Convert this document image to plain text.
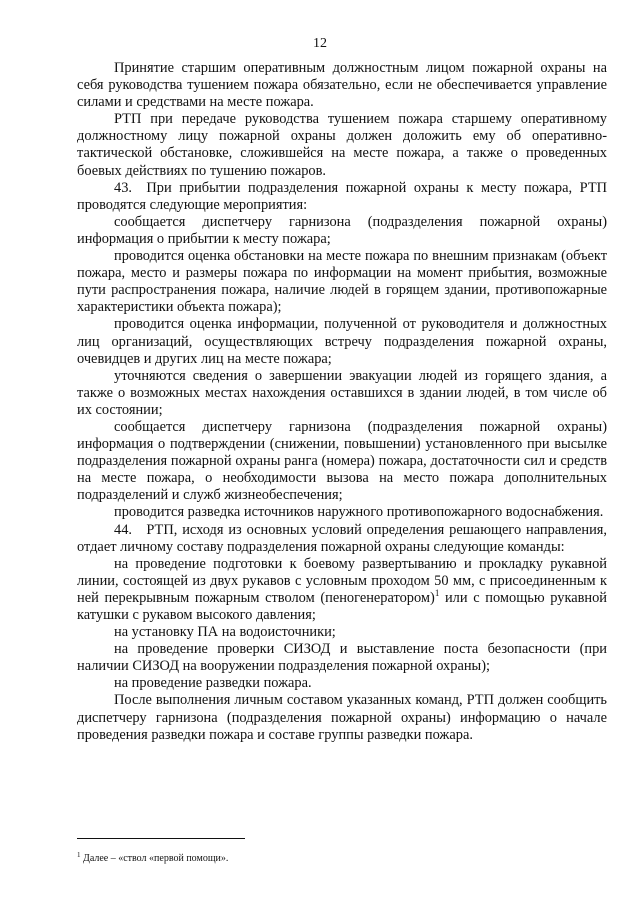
12

Принятие старшим оперативным должностным лицом пожарной охраны на себя руководства тушением пожара обязательно, если не обеспечивается управление силами и средствами на месте пожара.

РТП при передаче руководства тушением пожара старшему оперативному должностному лицу пожарной охраны должен доложить ему об оперативно-тактической обстановке, сложившейся на месте пожара, а также о проведенных боевых действиях по тушению пожаров.

43. При прибытии подразделения пожарной охраны к месту пожара, РТП проводятся следующие мероприятия:

сообщается диспетчеру гарнизона (подразделения пожарной охраны) информация о прибытии к месту пожара;

проводится оценка обстановки на месте пожара по внешним признакам (объект пожара, место и размеры пожара по информации на момент прибытия, возможные пути распространения пожара, наличие людей в горящем здании, противопожарные характеристики объекта пожара);

проводится оценка информации, полученной от руководителя и должностных лиц организаций, осуществляющих встречу подразделения пожарной охраны, очевидцев и других лиц на месте пожара;

уточняются сведения о завершении эвакуации людей из горящего здания, а также о возможных местах нахождения оставшихся в здании людей, в том числе об их состоянии;

сообщается диспетчеру гарнизона (подразделения пожарной охраны) информация о подтверждении (снижении, повышении) установленного при высылке подразделения пожарной охраны ранга (номера) пожара, достаточности сил и средств на месте пожара, о необходимости вызова на место пожара дополнительных подразделений и служб жизнеобеспечения;

проводится разведка источников наружного противопожарного водоснабжения.

44. РТП, исходя из основных условий определения решающего направления, отдает личному составу подразделения пожарной охраны следующие команды:

на проведение подготовки к боевому развертыванию и прокладку рукавной линии, состоящей из двух рукавов с условным проходом 50 мм, с присоединенным к ней перекрывным пожарным стволом (пеногенератором)$^1$ или с помощью рукавной катушки с рукавом высокого давления;

на установку ПА на водоисточники;

на проведение проверки СИЗОД и выставление поста безопасности (при наличии СИЗОД на вооружении подразделения пожарной охраны);

на проведение разведки пожара.

После выполнения личным составом указанных команд, РТП должен сообщить диспетчеру гарнизона (подразделения пожарной охраны) информацию о начале проведения разведки пожара и составе группы разведки пожара.

$^1$ Далее – «ствол «первой помощи».
